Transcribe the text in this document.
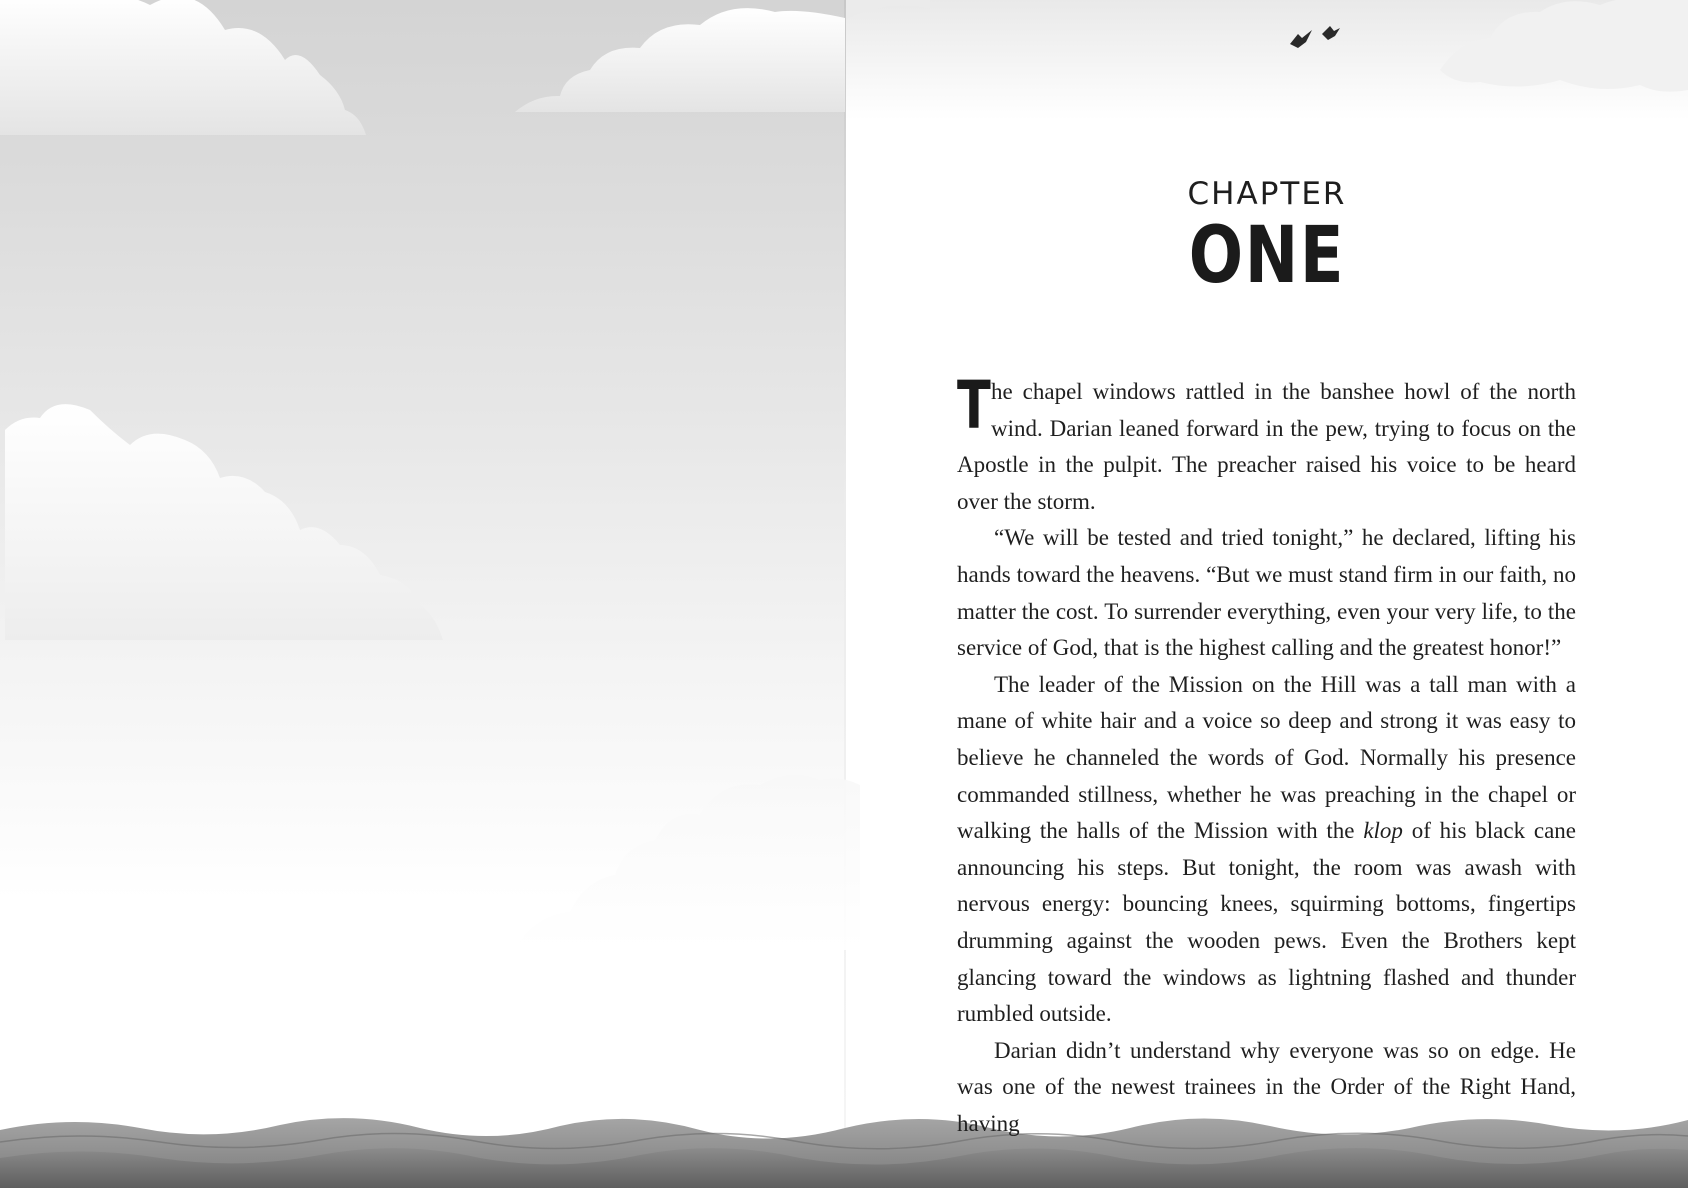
CHAPTER
ONE

The chapel windows rattled in the banshee howl of the north wind. Darian leaned forward in the pew, trying to focus on the Apostle in the pulpit. The preacher raised his voice to be heard over the storm.

“We will be tested and tried tonight,” he declared, lifting his hands toward the heavens. “But we must stand firm in our faith, no matter the cost. To surrender everything, even your very life, to the service of God, that is the highest calling and the greatest honor!”

The leader of the Mission on the Hill was a tall man with a mane of white hair and a voice so deep and strong it was easy to believe he channeled the words of God. Normally his presence commanded stillness, whether he was preaching in the chapel or walking the halls of the Mission with the klop of his black cane announcing his steps. But tonight, the room was awash with nervous energy: bouncing knees, squirming bottoms, fingertips drumming against the wooden pews. Even the Brothers kept glancing toward the windows as lightning flashed and thunder rumbled outside.

Darian didn’t understand why everyone was so on edge. He was one of the newest trainees in the Order of the Right Hand, having
